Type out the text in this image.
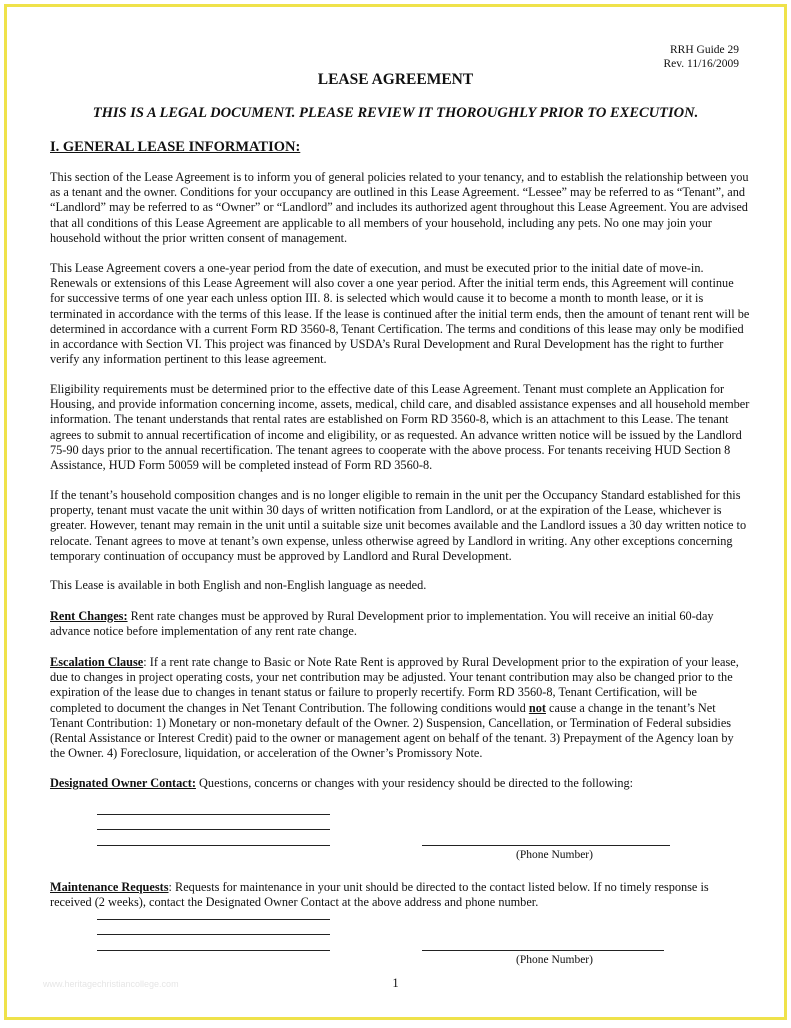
RRH Guide 29
Rev. 11/16/2009
LEASE AGREEMENT
THIS IS A LEGAL DOCUMENT. PLEASE REVIEW IT THOROUGHLY PRIOR TO EXECUTION.
I. GENERAL LEASE INFORMATION:
This section of the Lease Agreement is to inform you of general policies related to your tenancy, and to establish the relationship between you as a tenant and the owner. Conditions for your occupancy are outlined in this Lease Agreement. “Lessee” may be referred to as “Tenant”, and “Landlord” may be referred to as “Owner” or “Landlord” and includes its authorized agent throughout this Lease Agreement. You are advised that all conditions of this Lease Agreement are applicable to all members of your household, including any pets. No one may join your household without the prior written consent of management.
This Lease Agreement covers a one-year period from the date of execution, and must be executed prior to the initial date of move-in. Renewals or extensions of this Lease Agreement will also cover a one year period. After the initial term ends, this Agreement will continue for successive terms of one year each unless option III. 8. is selected which would cause it to become a month to month lease, or it is terminated in accordance with the terms of this lease. If the lease is continued after the initial term ends, then the amount of tenant rent will be determined in accordance with a current Form RD 3560-8, Tenant Certification. The terms and conditions of this lease may only be modified in accordance with Section VI. This project was financed by USDA’s Rural Development and Rural Development has the right to further verify any information pertinent to this lease agreement.
Eligibility requirements must be determined prior to the effective date of this Lease Agreement. Tenant must complete an Application for Housing, and provide information concerning income, assets, medical, child care, and disabled assistance expenses and all household member information. The tenant understands that rental rates are established on Form RD 3560-8, which is an attachment to this Lease. The tenant agrees to submit to annual recertification of income and eligibility, or as requested. An advance written notice will be issued by the Landlord 75-90 days prior to the annual recertification. The tenant agrees to cooperate with the above process. For tenants receiving HUD Section 8 Assistance, HUD Form 50059 will be completed instead of Form RD 3560-8.
If the tenant’s household composition changes and is no longer eligible to remain in the unit per the Occupancy Standard established for this property, tenant must vacate the unit within 30 days of written notification from Landlord, or at the expiration of the Lease, whichever is greater. However, tenant may remain in the unit until a suitable size unit becomes available and the Landlord issues a 30 day written notice to relocate. Tenant agrees to move at tenant’s own expense, unless otherwise agreed by Landlord in writing. Any other exceptions concerning temporary continuation of occupancy must be approved by Landlord and Rural Development.
This Lease is available in both English and non-English language as needed.
Rent Changes: Rent rate changes must be approved by Rural Development prior to implementation. You will receive an initial 60-day advance notice before implementation of any rent rate change.
Escalation Clause: If a rent rate change to Basic or Note Rate Rent is approved by Rural Development prior to the expiration of your lease, due to changes in project operating costs, your net contribution may be adjusted. Your tenant contribution may also be changed prior to the expiration of the lease due to changes in tenant status or failure to properly recertify. Form RD 3560-8, Tenant Certification, will be completed to document the changes in Net Tenant Contribution. The following conditions would not cause a change in the tenant’s Net Tenant Contribution: 1) Monetary or non-monetary default of the Owner. 2) Suspension, Cancellation, or Termination of Federal subsidies (Rental Assistance or Interest Credit) paid to the owner or management agent on behalf of the tenant. 3) Prepayment of the Agency loan by the Owner. 4) Foreclosure, liquidation, or acceleration of the Owner’s Promissory Note.
Designated Owner Contact: Questions, concerns or changes with your residency should be directed to the following:
(Phone Number)
Maintenance Requests: Requests for maintenance in your unit should be directed to the contact listed below. If no timely response is received (2 weeks), contact the Designated Owner Contact at the above address and phone number.
(Phone Number)
www.heritagechristiancollege.com	1
